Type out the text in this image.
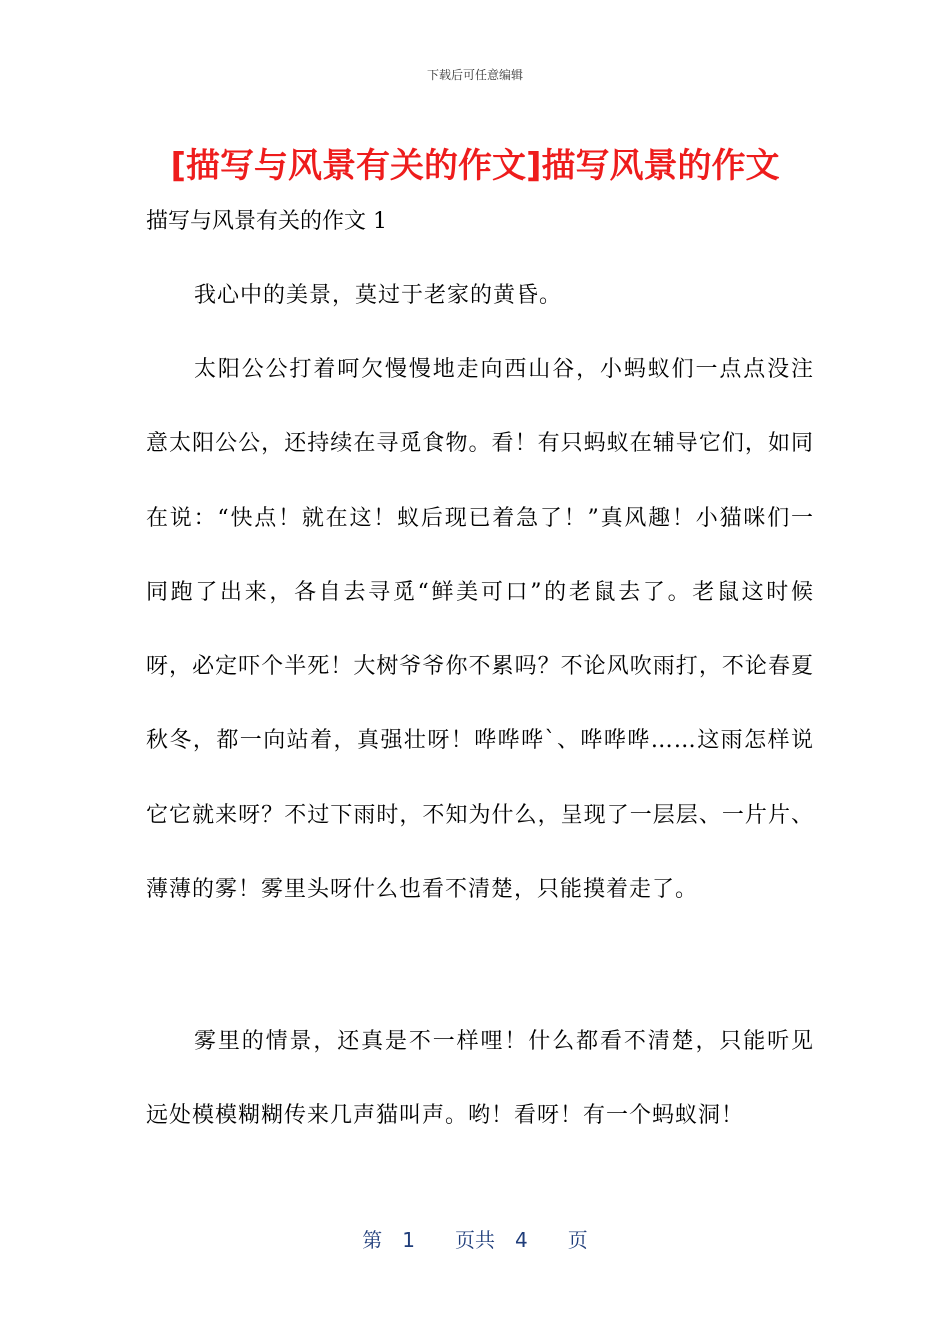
下载后可任意编辑
[描写与风景有关的作文]描写风景的作文
描写与风景有关的作文 1

我心中的美景，莫过于老家的黄昏。

太阳公公打着呵欠慢慢地走向西山谷，小蚂蚁们一点点没注意太阳公公，还持续在寻觅食物。看！有只蚂蚁在辅导它们，如同在说：“快点！就在这！蚁后现已着急了！”真风趣！小猫咪们一同跑了出来，各自去寻觅“鲜美可口”的老鼠去了。老鼠这时候呀，必定吓个半死！大树爷爷你不累吗？不论风吹雨打，不论春夏秋冬，都一向站着，真强壮呀！哗哗哗`、哗哗哗……这雨怎样说它它就来呀？不过下雨时，不知为什么，呈现了一层层、一片片、薄薄的雾！雾里头呀什么也看不清楚，只能摸着走了。

雾里的情景，还真是不一样哩！什么都看不清楚，只能听见远处模模糊糊传来几声猫叫声。哟！看呀！有一个蚂蚁洞！

第 1 页共 4 页
